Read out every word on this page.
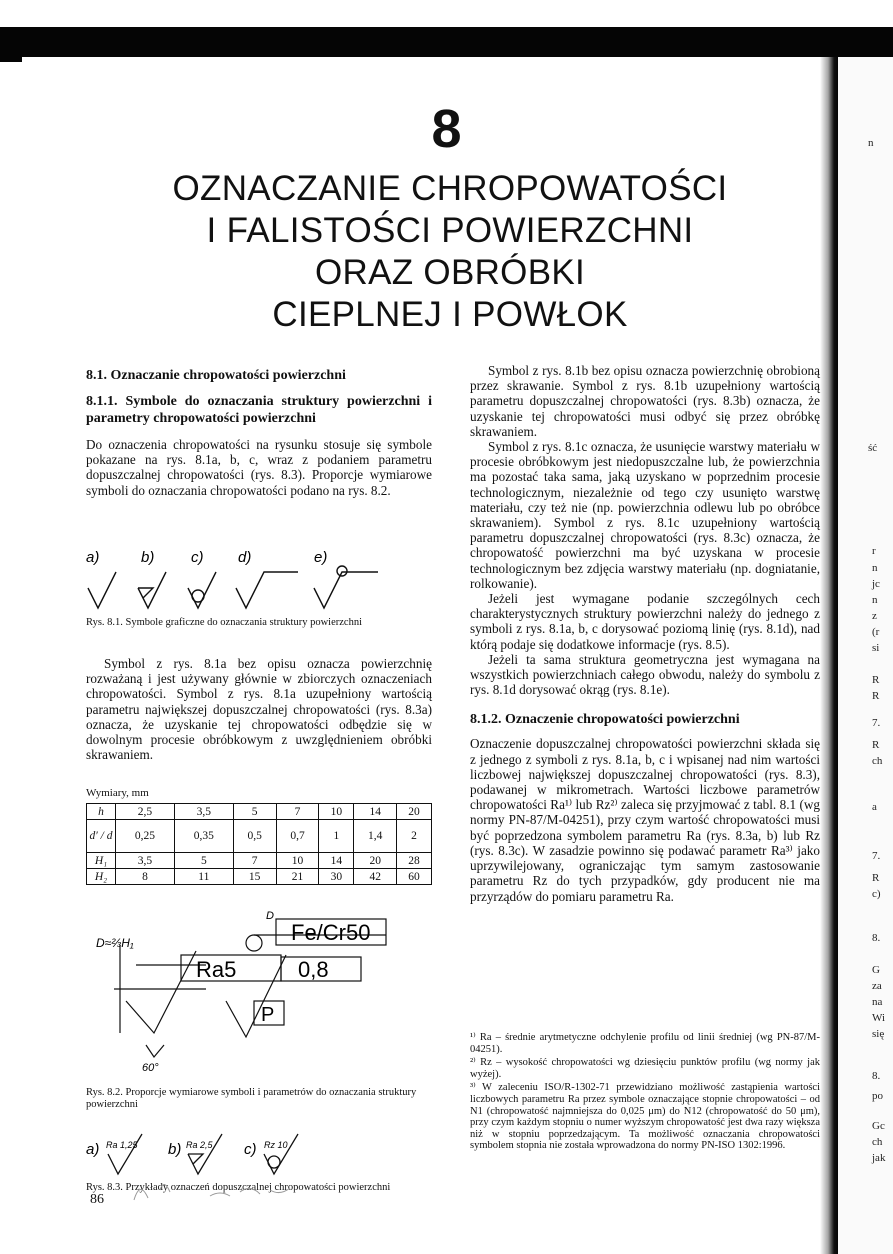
8
OZNACZANIE CHROPOWATOŚCI
I FALISTOŚCI POWIERZCHNI
ORAZ OBRÓBKI
CIEPLNEJ I POWŁOK
8.1. Oznaczanie chropowatości powierzchni
8.1.1. Symbole do oznaczania struktury powierzchni i parametry chropowatości powierzchni

Do oznaczenia chropowatości na rysunku stosuje się symbole pokazane na rys. 8.1a, b, c, wraz z podaniem parametru dopuszczalnej chropowatości (rys. 8.3). Proporcje wymiarowe symboli do oznaczania chropowatości podano na rys. 8.2.

a)	b) c) d)	e)
Rys. 8.1. Symbole graficzne do oznaczania struktury powierzchni

Symbol z rys. 8.1a bez opisu oznacza powierzchnię rozważaną i jest używany głównie w zbiorczych oznaczeniach chropowatości. Symbol z rys. 8.1a uzupełniony wartością parametru największej dopuszczalnej chropowatości (rys. 8.3a) oznacza, że uzyskanie tej chropowatości odbędzie się w dowolnym procesie obróbkowym z uwzględnieniem obróbki skrawaniem.

Wymiary, mm
h	2,5	3,5	5	7	10	14	20
d′ / d	0,25	0,35	0,5	0,7	1	1,4	2
H₁	3,5	5	7	10	14	20	28
H₂	8	11	15	21	30	42	60
D≈⅔H₁
D
Fe/Cr50
Ra5	0,8
P
60°
Rys. 8.2. Proporcje wymiarowe symboli i parametrów do oznaczania struktury powierzchni
a) Ra 1,25 b) Ra 2,5 c) Rz 10
Rys. 8.3. Przykłady oznaczeń dopuszczalnej chropowatości powierzchni
86

Symbol z rys. 8.1b bez opisu oznacza powierzchnię obrobioną przez skrawanie. Symbol z rys. 8.1b uzupełniony wartością parametru dopuszczalnej chropowatości (rys. 8.3b) oznacza, że uzyskanie tej chropowatości musi odbyć się przez obróbkę skrawaniem.

Symbol z rys. 8.1c oznacza, że usunięcie warstwy materiału w procesie obróbkowym jest niedopuszczalne lub, że powierzchnia ma pozostać taka sama, jaką uzyskano w poprzednim procesie technologicznym, niezależnie od tego czy usunięto warstwę materiału, czy też nie (np. powierzchnia odlewu lub po obróbce skrawaniem). Symbol z rys. 8.1c uzupełniony wartością parametru dopuszczalnej chropowatości (rys. 8.3c) oznacza, że chropowatość powierzchni ma być uzyskana w procesie technologicznym bez zdjęcia warstwy materiału (np. dogniatanie, rolkowanie).

Jeżeli jest wymagane podanie szczególnych cech charakterystycznych struktury powierzchni należy do jednego z symboli z rys. 8.1a, b, c dorysować poziomą linię (rys. 8.1d), nad którą podaje się dodatkowe informacje (rys. 8.5).

Jeżeli ta sama struktura geometryczna jest wymagana na wszystkich powierzchniach całego obwodu, należy do symbolu z rys. 8.1d dorysować okrąg (rys. 8.1e).

8.1.2. Oznaczenie chropowatości powierzchni

Oznaczenie dopuszczalnej chropowatości powierzchni składa się z jednego z symboli z rys. 8.1a, b, c i wpisanej nad nim wartości liczbowej największej dopuszczalnej chropowatości (rys. 8.3), podawanej w mikrometrach. Wartości liczbowe parametrów chropowatości Ra¹⁾ lub Rz²⁾ zaleca się przyjmować z tabl. 8.1 (wg normy PN-87/M-04251), przy czym wartość chropowatości musi być poprzedzona symbolem parametru Ra (rys. 8.3a, b) lub Rz (rys. 8.3c). W zasadzie powinno się podawać parametr Ra³⁾ jako uprzywilejowany, ograniczając tym samym zastosowanie parametru Rz do tych przypadków, gdy producent nie ma przyrządów do pomiaru parametru Ra.

¹⁾ Ra – średnie arytmetyczne odchylenie profilu od linii średniej (wg PN-87/M-04251).

²⁾ Rz – wysokość chropowatości wg dziesięciu punktów profilu (wg normy jak wyżej).

³⁾ W zaleceniu ISO/R-1302-71 przewidziano możliwość zastąpienia wartości liczbowych parametru Ra przez symbole oznaczające stopnie chropowatości – od N1 (chropowatość najmniejsza do 0,025 μm) do N12 (chropowatość do 50 μm), przy czym każdym stopniu o numer wyższym chropowatość jest dwa razy większa niż w stopniu poprzedzającym. Ta możliwość oznaczania chropowatości symbolem stopnia nie została wprowadzona do normy PN-ISO 1302:1996.

n
ść
r
n
jc
n
z
(r
si
R
R
7.
R
ch
a
7.
R
c)
8.
G
za
na
Wi
się
8.
po
Gc
ch
jak
